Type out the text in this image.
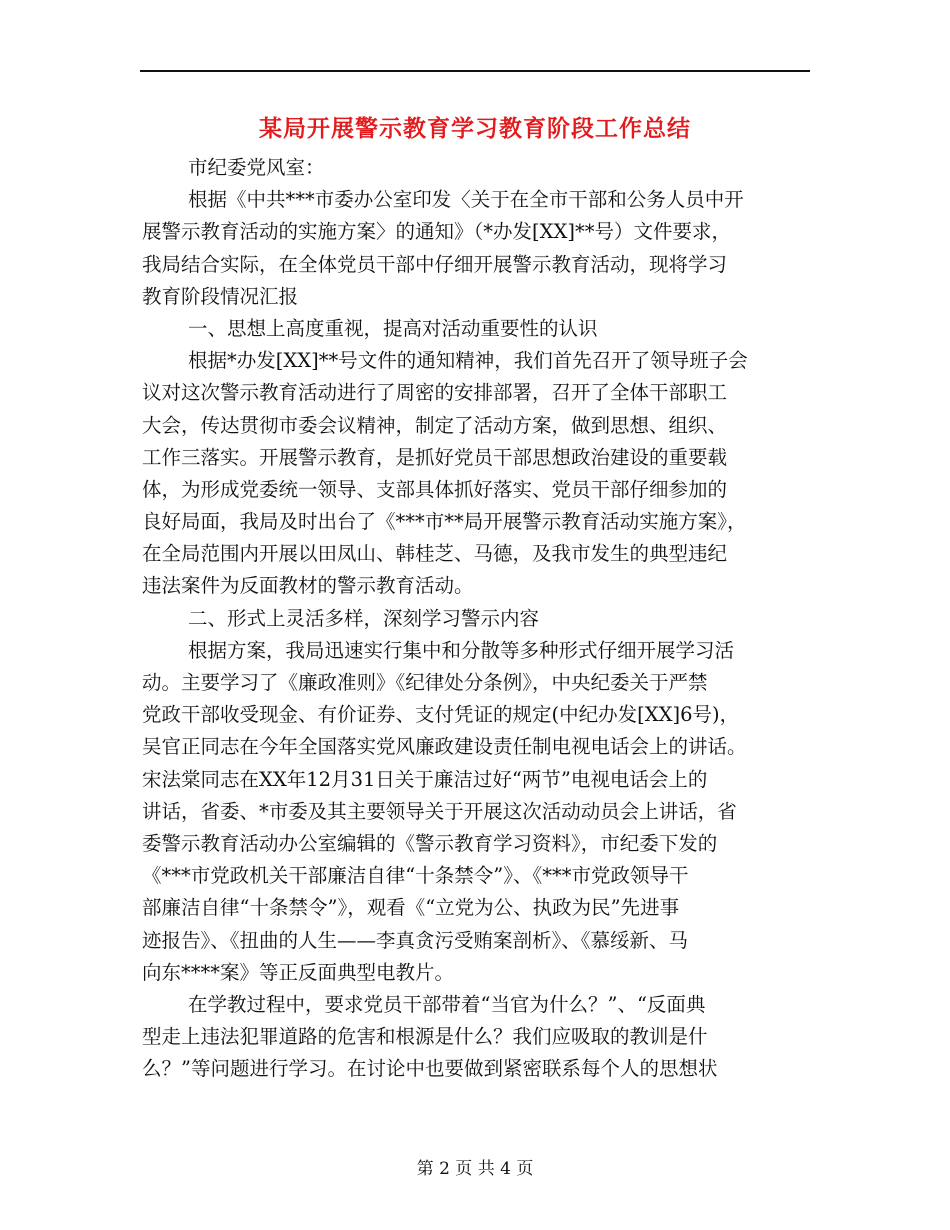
某局开展警示教育学习教育阶段工作总结
市纪委党风室：
根据《中共***市委办公室印发〈关于在全市干部和公务人员中开
展警示教育活动的实施方案〉的通知》（*办发[XX]**号）文件要求，
我局结合实际，在全体党员干部中仔细开展警示教育活动，现将学习
教育阶段情况汇报
一、思想上高度重视，提高对活动重要性的认识
根据*办发[XX]**号文件的通知精神，我们首先召开了领导班子会
议对这次警示教育活动进行了周密的安排部署，召开了全体干部职工
大会，传达贯彻市委会议精神，制定了活动方案，做到思想、组织、
工作三落实。开展警示教育，是抓好党员干部思想政治建设的重要载
体，为形成党委统一领导、支部具体抓好落实、党员干部仔细参加的
良好局面，我局及时出台了《***市**局开展警示教育活动实施方案》，
在全局范围内开展以田凤山、韩桂芝、马德，及我市发生的典型违纪
违法案件为反面教材的警示教育活动。
二、形式上灵活多样，深刻学习警示内容
根据方案，我局迅速实行集中和分散等多种形式仔细开展学习活
动。主要学习了《廉政准则》《纪律处分条例》，中央纪委关于严禁
党政干部收受现金、有价证券、支付凭证的规定(中纪办发[XX]6号)，
吴官正同志在今年全国落实党风廉政建设责任制电视电话会上的讲话。
宋法棠同志在XX年12月31日关于廉洁过好“两节”电视电话会上的
讲话，省委、*市委及其主要领导关于开展这次活动动员会上讲话，省
委警示教育活动办公室编辑的《警示教育学习资料》，市纪委下发的
《***市党政机关干部廉洁自律“十条禁令”》、《***市党政领导干
部廉洁自律“十条禁令”》，观看《“立党为公、执政为民”先进事
迹报告》、《扭曲的人生——李真贪污受贿案剖析》、《慕绥新、马
向东****案》等正反面典型电教片。
在学教过程中，要求党员干部带着“当官为什么？”、“反面典
型走上违法犯罪道路的危害和根源是什么？我们应吸取的教训是什
么？”等问题进行学习。在讨论中也要做到紧密联系每个人的思想状
第 2 页 共 4 页
